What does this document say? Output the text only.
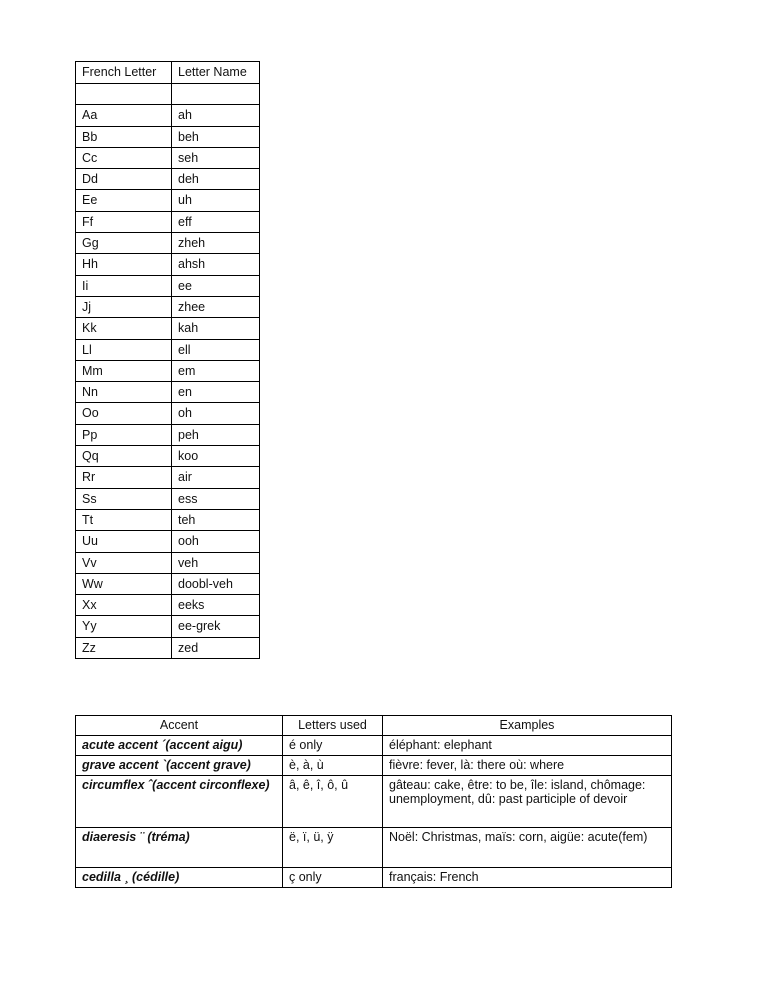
French Letter	Letter Name

Aa	ah
Bb	beh
Cc	seh
Dd	deh
Ee	uh
Ff	eff
Gg	zheh
Hh	ahsh
Ii	ee
Jj	zhee
Kk	kah
Ll	ell
Mm	em
Nn	en
Oo	oh
Pp	peh
Qq	koo
Rr	air
Ss	ess
Tt	teh
Uu	ooh
Vv	veh
Ww	doobl-veh
Xx	eeks
Yy	ee-grek
Zz	zed
Accent	Letters used	Examples
acute accent ´(accent aigu)	é only	éléphant: elephant
grave accent `(accent grave)	è, à, ù	fièvre: fever, là: there où: where
circumflex ˆ(accent circonflexe)	â, ê, î, ô, û	gâteau: cake, être: to be, île: island, chômage: unemployment, dû: past participle of devoir
diaeresis ¨ (tréma)	ë, ï, ü, ÿ	Noël: Christmas, maïs: corn, aigüe: acute(fem)
cedilla ¸ (cédille)	ç only	français: French
